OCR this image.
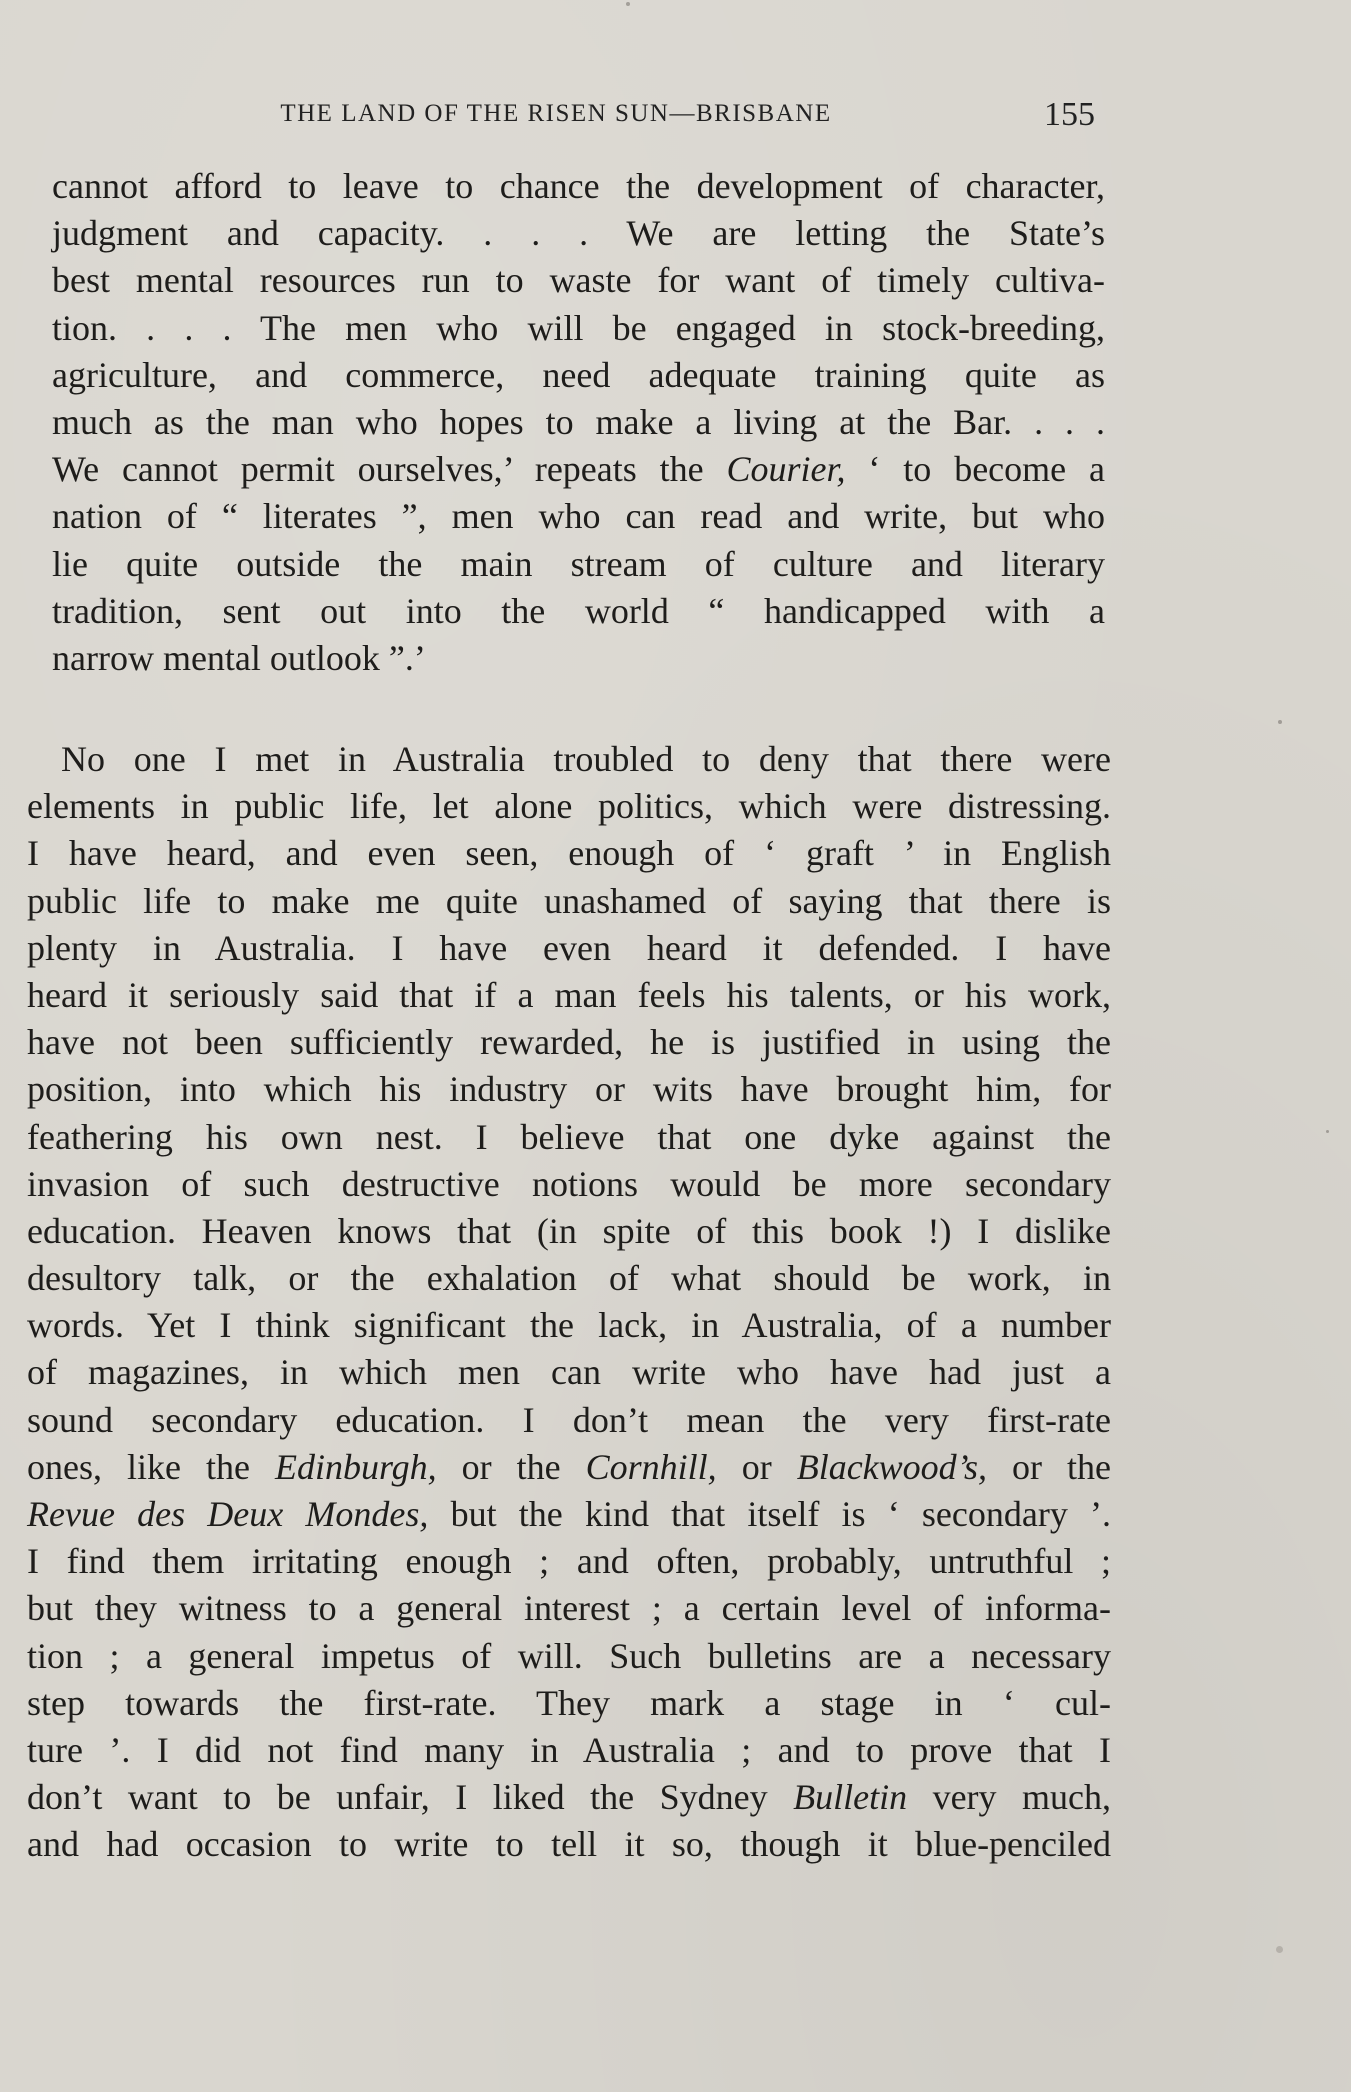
THE LAND OF THE RISEN SUN—BRISBANE	155
cannot afford to leave to chance the development of character,
judgment and capacity. . . . We are letting the State’s
best mental resources run to waste for want of timely cultiva-
tion. . . . The men who will be engaged in stock-breeding,
agriculture, and commerce, need adequate training quite as
much as the man who hopes to make a living at the Bar. . . .
We cannot permit ourselves,’ repeats the Courier, ‘ to become a
nation of “ literates ”, men who can read and write, but who
lie quite outside the main stream of culture and literary
tradition, sent out into the world “ handicapped with a
narrow mental outlook ”.’
No one I met in Australia troubled to deny that there were
elements in public life, let alone politics, which were distressing.
I have heard, and even seen, enough of ‘ graft ’ in English
public life to make me quite unashamed of saying that there is
plenty in Australia. I have even heard it defended. I have
heard it seriously said that if a man feels his talents, or his work,
have not been sufficiently rewarded, he is justified in using the
position, into which his industry or wits have brought him, for
feathering his own nest. I believe that one dyke against the
invasion of such destructive notions would be more secondary
education. Heaven knows that (in spite of this book !) I dislike
desultory talk, or the exhalation of what should be work, in
words. Yet I think significant the lack, in Australia, of a number
of magazines, in which men can write who have had just a
sound secondary education. I don’t mean the very first-rate
ones, like the Edinburgh, or the Cornhill, or Blackwood’s, or the
Revue des Deux Mondes, but the kind that itself is ‘ secondary ’.
I find them irritating enough ; and often, probably, untruthful ;
but they witness to a general interest ; a certain level of informa-
tion ; a general impetus of will. Such bulletins are a necessary
step towards the first-rate. They mark a stage in ‘ cul-
ture ’. I did not find many in Australia ; and to prove that I
don’t want to be unfair, I liked the Sydney Bulletin very much,
and had occasion to write to tell it so, though it blue-penciled
